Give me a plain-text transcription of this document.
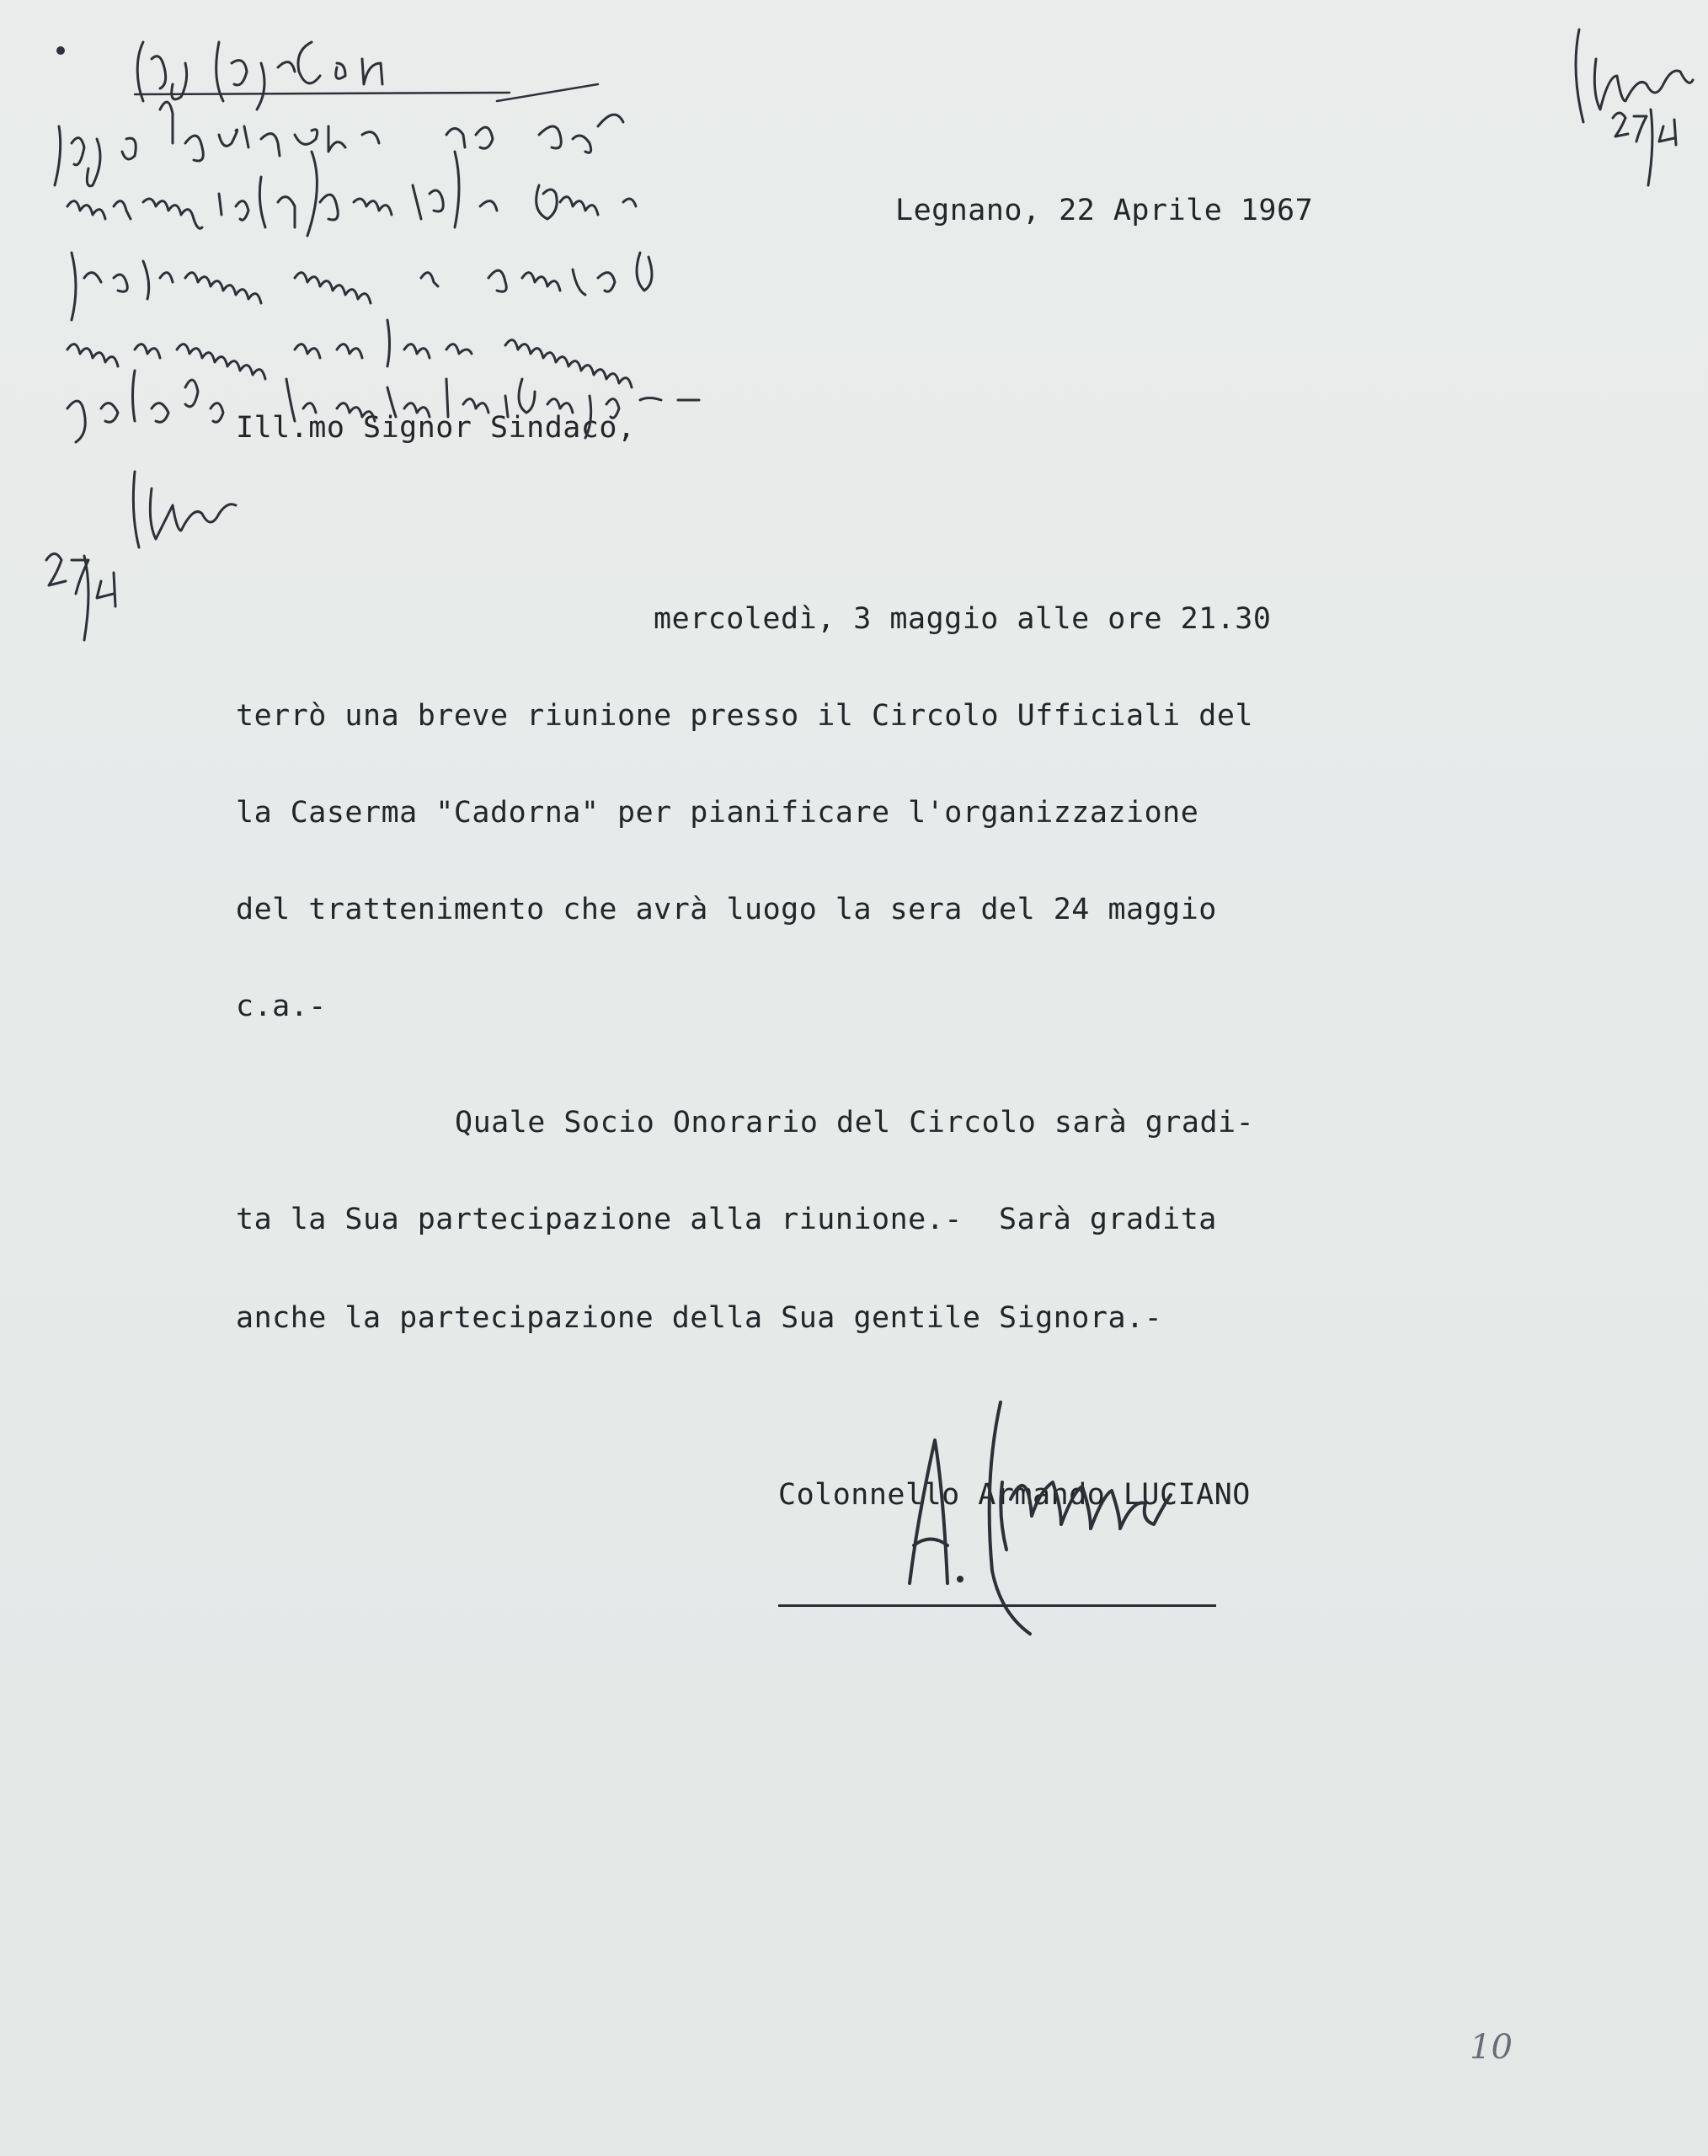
Legnano, 22 Aprile 1967
Ill.mo Signor Sindaco,
mercoledì, 3 maggio alle ore 21.30
terrò una breve riunione presso il Circolo Ufficiali del
la Caserma "Cadorna" per pianificare l'organizzazione
del trattenimento che avrà luogo la sera del 24 maggio
c.a.-
Quale Socio Onorario del Circolo sarà gradi-
ta la Sua partecipazione alla riunione.-  Sarà gradita
anche la partecipazione della Sua gentile Signora.-
Colonnello Armando LUCIANO
10
